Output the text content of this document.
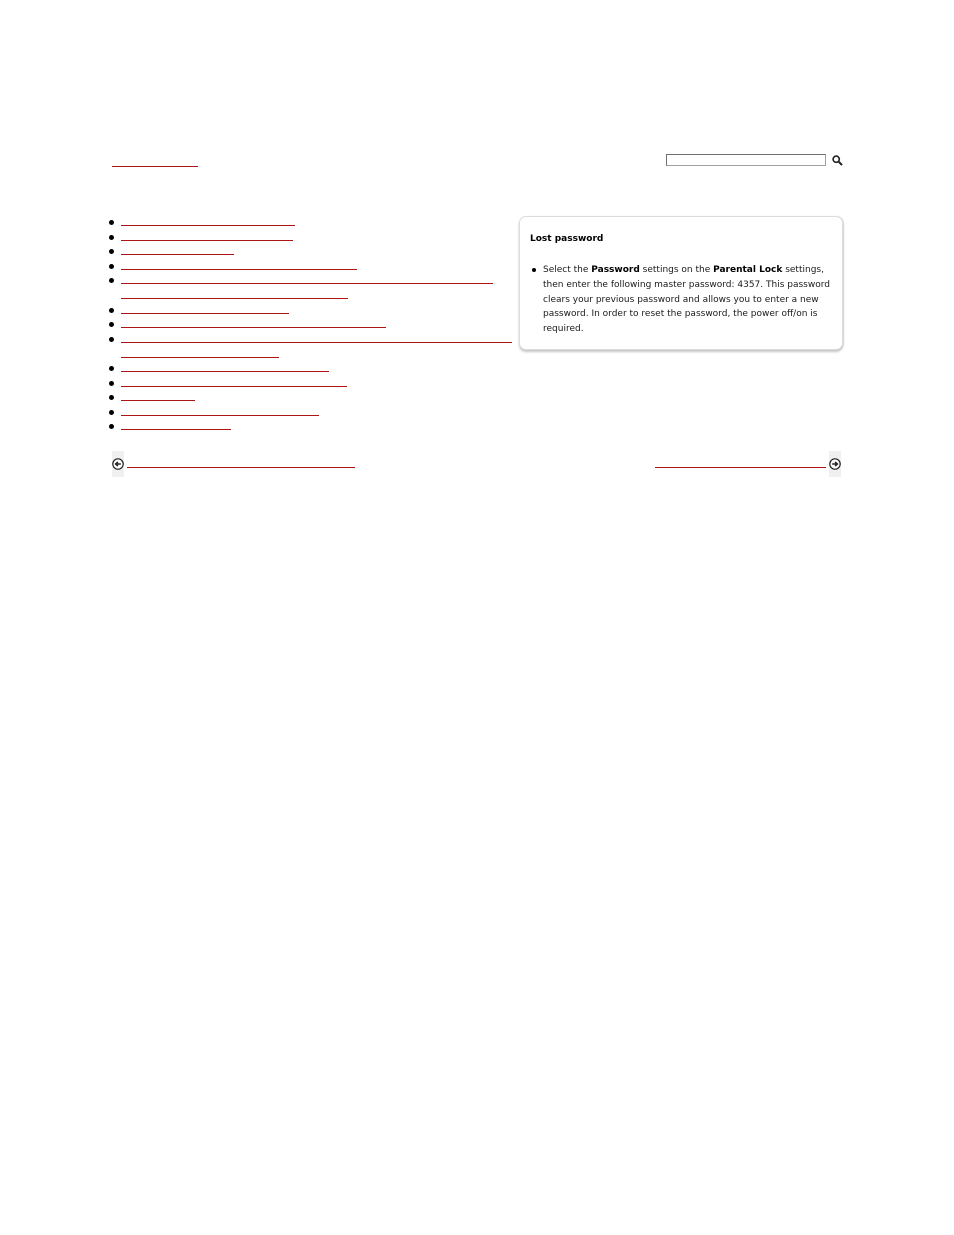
Lost password
Select the Password settings on the Parental Lock settings, then enter the following master password: 4357. This password clears your previous password and allows you to enter a new password. In order to reset the password, the power off/on is required.
